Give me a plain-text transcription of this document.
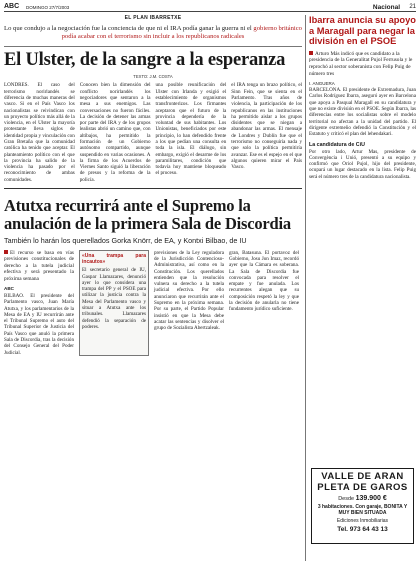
ABC DOMINGO 27/7/2003	Nacional 21
EL PLAN IBARRETXE
Lo que condujo a la negociación fue la conciencia de que ni el IRA podía ganar la guerra ni el gobierno británico podía acabar con el terrorismo sin incluir a los republicanos radicales
El Ulster, de la sangre a la esperanza
TEXTO: J.M. COSTA

LONDRES. El caso del terrorismo norirlandés se diferencia de muchas maneras del vasco. Si en el País Vasco los nacionalistas se reivindican con un proyecto político más allá de la violencia, en el Ulster la mayoría protestante lleva siglos de identidad propia y vinculación con Gran Bretaña que la comunidad católica ha tenido que aceptar. El planteamiento político con el que la provincia ha salido de la violencia ha pasado por el reconocimiento de ambas comunidades.

Conocen bien la dimensión del conflicto norirlandés los negociadores que sentaron a la mesa a sus enemigos. Las conversaciones no fueron fáciles. La decisión de detener las armas por parte del IRA y de los grupos lealistas abrió un camino que, con altibajos, ha permitido la formación de un Gobierno autónomo compartido, aunque suspendido en varias ocasiones. A la firma de los Acuerdos de Viernes Santo siguió la liberación de presos y la reforma de la policía.

una posible reunificación del Ulster con Irlanda y exigió el establecimiento de organismos transfronterizos. Los firmantes aceptaron que el futuro de la provincia dependería de la voluntad de sus habitantes. Los Unionistas, beneficiados por este principio, lo han defendido frente a los que pedían una consulta en toda la isla. El diálogo, sin embargo, exigió el desarme de los paramilitares, condición que todavía hoy mantiene bloqueado el proceso.

el IRA tenga un brazo político, el Sinn Fein, que se sienta en el Parlamento. Tras años de violencia, la participación de los republicanos en las instituciones ha permitido aislar a los grupos disidentes que se niegan a abandonar las armas. El mensaje de Londres y Dublín fue que el terrorismo no conseguiría nada y que solo la política permitiría avanzar. Ese es el espejo en el que algunos quieren mirar el País Vasco.

Atutxa recurrirá ante el Supremo la anulación de la primera Sala de Discordia
También lo harán los querellados Gorka Knörr, de EA, y Kontxi Bilbao, de IU
El recurso se basa en vías previsiones constitucionales de derecho a la tutela judicial efectiva y será presentado la próxima semana
ABC

BILBAO. El presidente del Parlamento vasco, Juan María Atutxa, y los parlamentarios de la Mesa de EA y IU recurrirán ante el Tribunal Supremo el auto del Tribunal Superior de Justicia del País Vasco que anuló la primera Sala de Discordia, tras la decisión del Consejo General del Poder Judicial.

«Una trampa para incautos»

El secretario general de IU, Gaspar Llamazares, denunció ayer lo que considera una trampa del PP y el PSOE para utilizar la justicia contra la Mesa del Parlamento vasco y situar a Atutxa ante los tribunales. Llamazares defendió la separación de poderes.

previsiones de la Ley reguladora de la Jurisdicción Contencioso-Administrativa, así como en la Constitución. Los querellados entienden que la resolución vulnera su derecho a la tutela judicial efectiva. Por ello anunciaron que recurrirán ante el Supremo en la próxima semana. Por su parte, el Partido Popular insistió en que la Mesa debe acatar las sentencias y disolver el grupo de Sozialista Abertzaleak.

gran, Batasuna. El portavoz del Gobierno, Josu Jon Imaz, recordó ayer que la Cámara es soberana. La Sala de Discordia fue convocada para resolver el empate y fue anulada. Los recurrentes alegan que su composición respetó la ley y que la decisión de anularla no tiene fundamento jurídico suficiente.

Ibarra anuncia su apoyo a Maragall para negar la división en el PSOE
Arturo Más indicó que es candidato a la presidencia de la Generalitat Pujol Ferrusola y le reprochó al sector soberanista con Felip Puig de número tres
I. ANGUERA

BARCELONA. El presidente de Extremadura, Juan Carlos Rodríguez Ibarra, aseguró ayer en Barcelona que apoya a Pasqual Maragall en su candidatura y que no existe división en el PSOE. Según Ibarra, las diferencias entre los socialistas sobre el modelo territorial no afectan a la unidad del partido. El dirigente extremeño defendió la Constitución y el Estatuto y criticó el plan del lehendakari.

La candidatura de CiU

Por otro lado, Artur Mas, presidente de Convergència i Unió, presentó a su equipo y confirmó que Oriol Pujol, hijo del presidente, ocupará un lugar destacado en la lista. Felip Puig será el número tres de la candidatura nacionalista.

VALLE DE ARAN
PLETA DE GAROS
Desde 139.900 €
3 habitaciones. Con garaje, BONITA Y MUY BIEN SITUADA
Ediciones Inmobiliarias
Tel. 973 64 43 13
